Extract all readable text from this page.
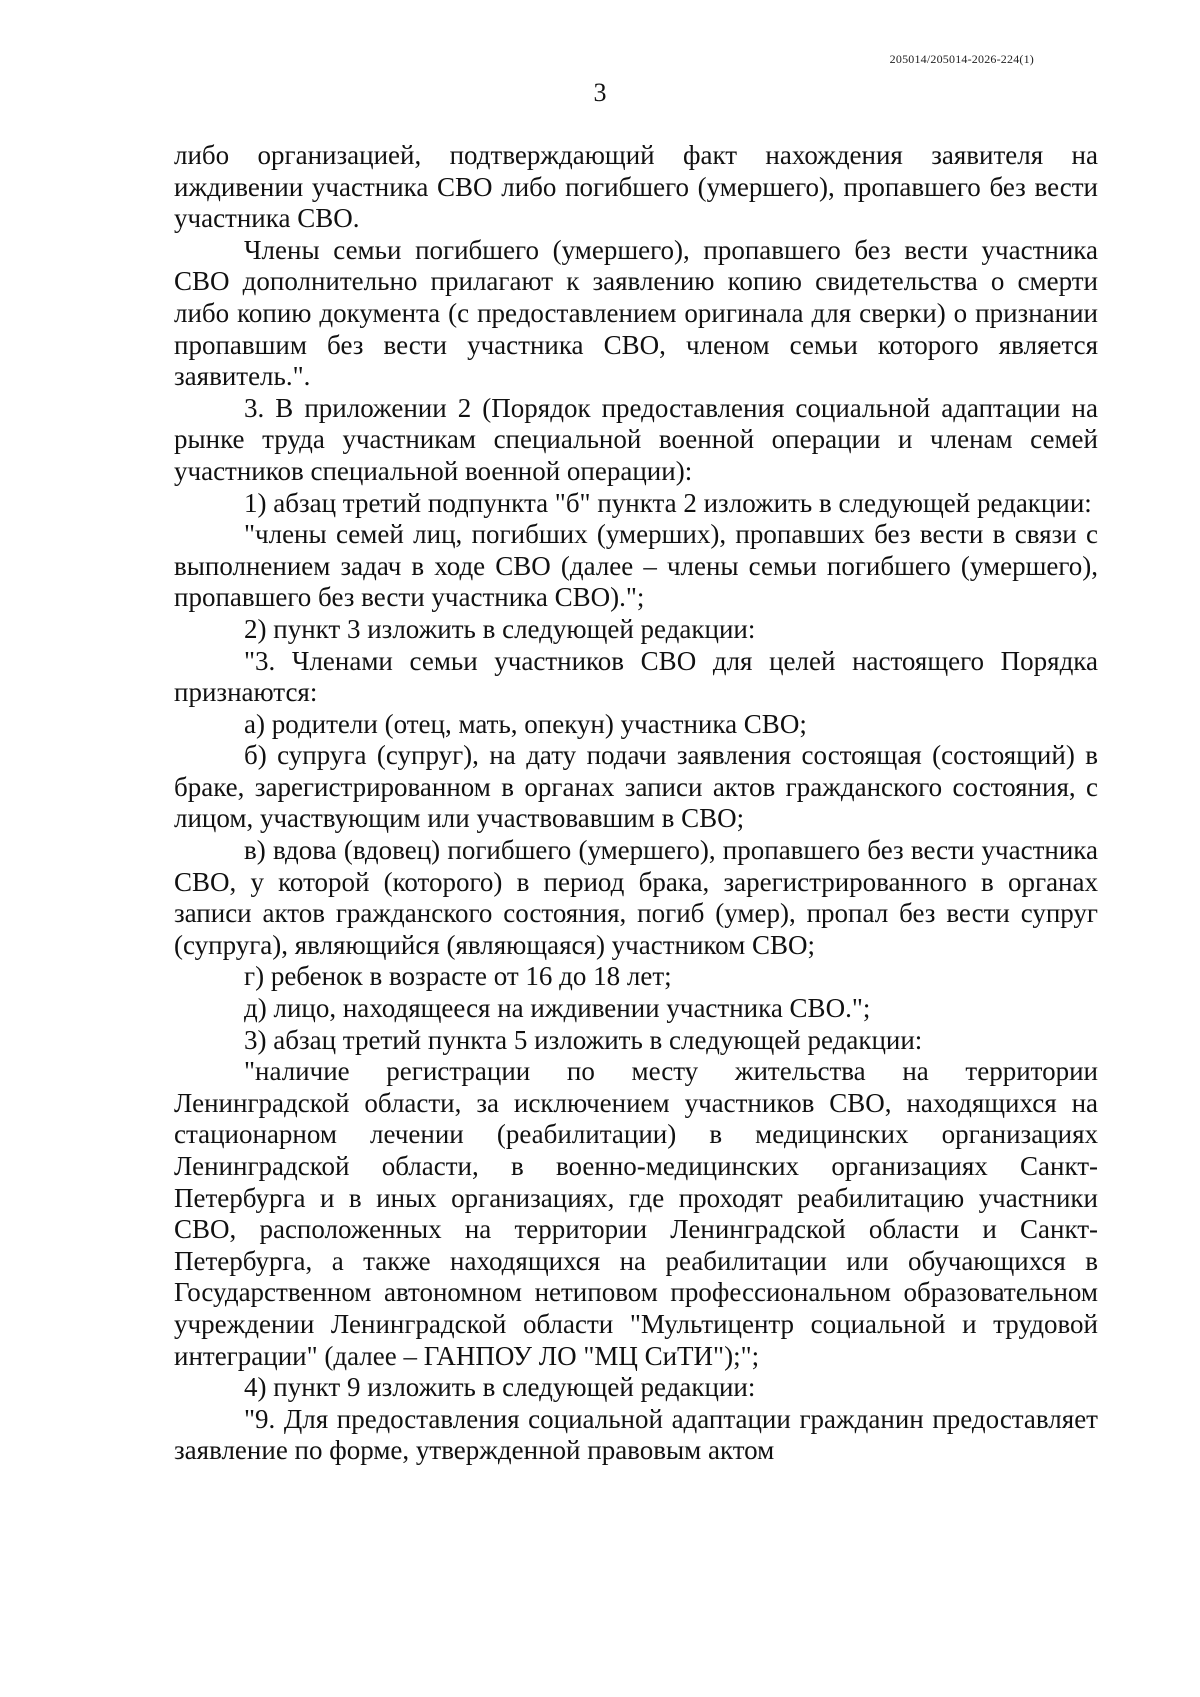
205014/205014-2026-224(1)
3

либо организацией, подтверждающий факт нахождения заявителя на иждивении участника СВО либо погибшего (умершего), пропавшего без вести участника СВО.

Члены семьи погибшего (умершего), пропавшего без вести участника СВО дополнительно прилагают к заявлению копию свидетельства о смерти либо копию документа (с предоставлением оригинала для сверки) о признании пропавшим без вести участника СВО, членом семьи которого является заявитель.".

3. В приложении 2 (Порядок предоставления социальной адаптации на рынке труда участникам специальной военной операции и членам семей участников специальной военной операции):

1) абзац третий подпункта "б" пункта 2 изложить в следующей редакции:

"члены семей лиц, погибших (умерших), пропавших без вести в связи с выполнением задач в ходе СВО (далее – члены семьи погибшего (умершего), пропавшего без вести участника СВО).";

2) пункт 3 изложить в следующей редакции:

"3. Членами семьи участников СВО для целей настоящего Порядка признаются:

а) родители (отец, мать, опекун) участника СВО;

б) супруга (супруг), на дату подачи заявления состоящая (состоящий) в браке, зарегистрированном в органах записи актов гражданского состояния, с лицом, участвующим или участвовавшим в СВО;

в) вдова (вдовец) погибшего (умершего), пропавшего без вести участника СВО, у которой (которого) в период брака, зарегистрированного в органах записи актов гражданского состояния, погиб (умер), пропал без вести супруг (супруга), являющийся (являющаяся) участником СВО;

г) ребенок в возрасте от 16 до 18 лет;

д) лицо, находящееся на иждивении участника СВО.";

3) абзац третий пункта 5 изложить в следующей редакции:

"наличие регистрации по месту жительства на территории Ленинградской области, за исключением участников СВО, находящихся на стационарном лечении (реабилитации) в медицинских организациях Ленинградской области, в военно-медицинских организациях Санкт-Петербурга и в иных организациях, где проходят реабилитацию участники СВО, расположенных на территории Ленинградской области и Санкт-Петербурга, а также находящихся на реабилитации или обучающихся в Государственном автономном нетиповом профессиональном образовательном учреждении Ленинградской области "Мультицентр социальной и трудовой интеграции" (далее – ГАНПОУ ЛО "МЦ СиТИ");";

4) пункт 9 изложить в следующей редакции:

"9. Для предоставления социальной адаптации гражданин предоставляет заявление по форме, утвержденной правовым актом
